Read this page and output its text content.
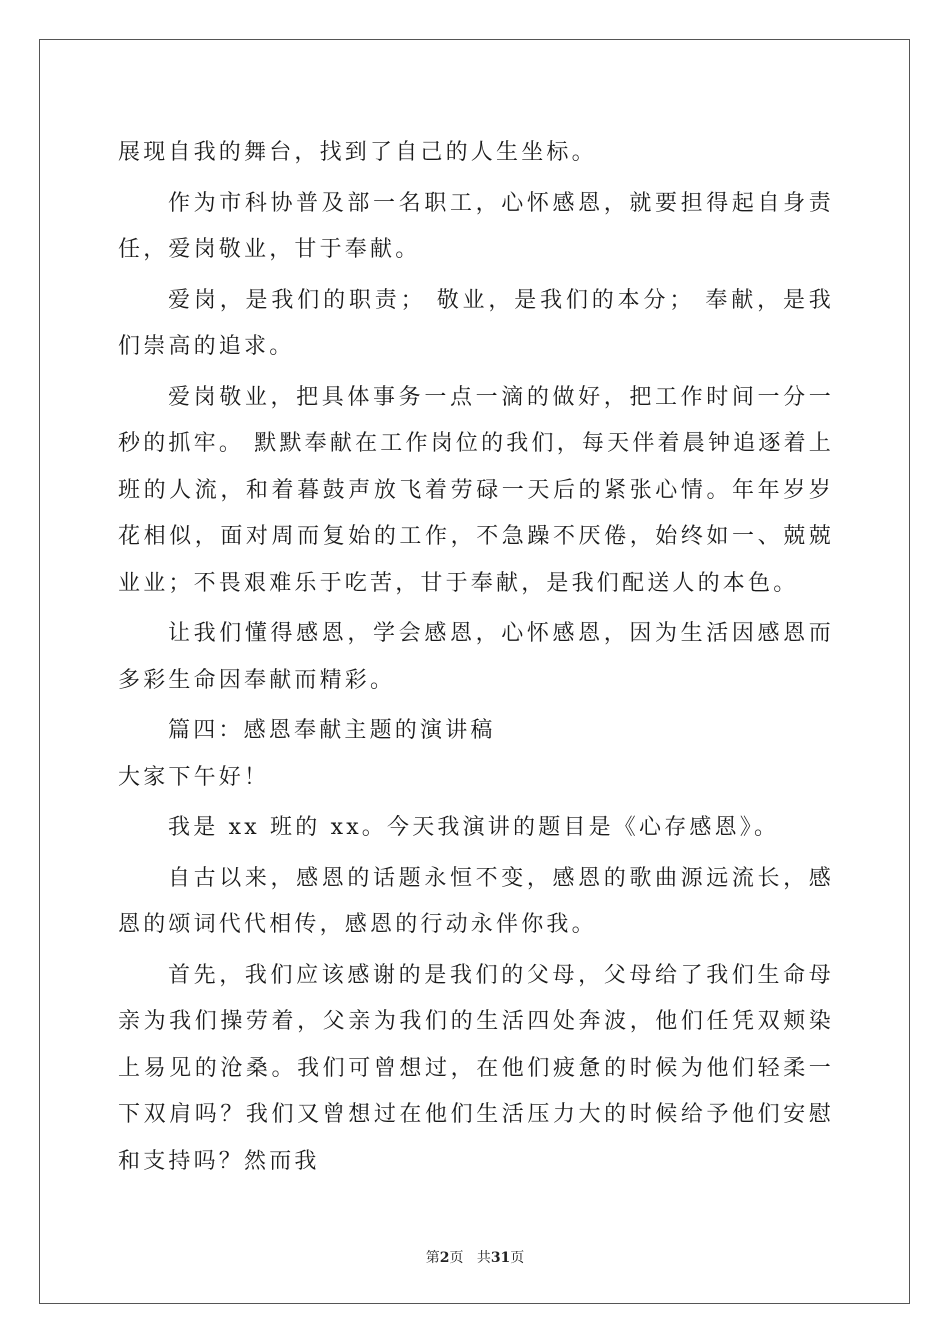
展现自我的舞台，找到了自己的人生坐标。

作为市科协普及部一名职工，心怀感恩，就要担得起自身责任，爱岗敬业，甘于奉献。

爱岗，是我们的职责； 敬业，是我们的本分； 奉献，是我们崇高的追求。

爱岗敬业，把具体事务一点一滴的做好，把工作时间一分一秒的抓牢。 默默奉献在工作岗位的我们，每天伴着晨钟追逐着上班的人流，和着暮鼓声放飞着劳碌一天后的紧张心情。年年岁岁花相似，面对周而复始的工作，不急躁不厌倦，始终如一、兢兢业业；不畏艰难乐于吃苦，甘于奉献，是我们配送人的本色。

让我们懂得感恩，学会感恩，心怀感恩，因为生活因感恩而多彩生命因奉献而精彩。

篇四：感恩奉献主题的演讲稿

大家下午好！

我是 xx 班的 xx。今天我演讲的题目是《心存感恩》。

自古以来，感恩的话题永恒不变，感恩的歌曲源远流长，感恩的颂词代代相传，感恩的行动永伴你我。

首先，我们应该感谢的是我们的父母，父母给了我们生命母亲为我们操劳着，父亲为我们的生活四处奔波，他们任凭双颊染上易见的沧桑。我们可曾想过，在他们疲惫的时候为他们轻柔一下双肩吗？我们又曾想过在他们生活压力大的时候给予他们安慰和支持吗？然而我

第2页 共31页
